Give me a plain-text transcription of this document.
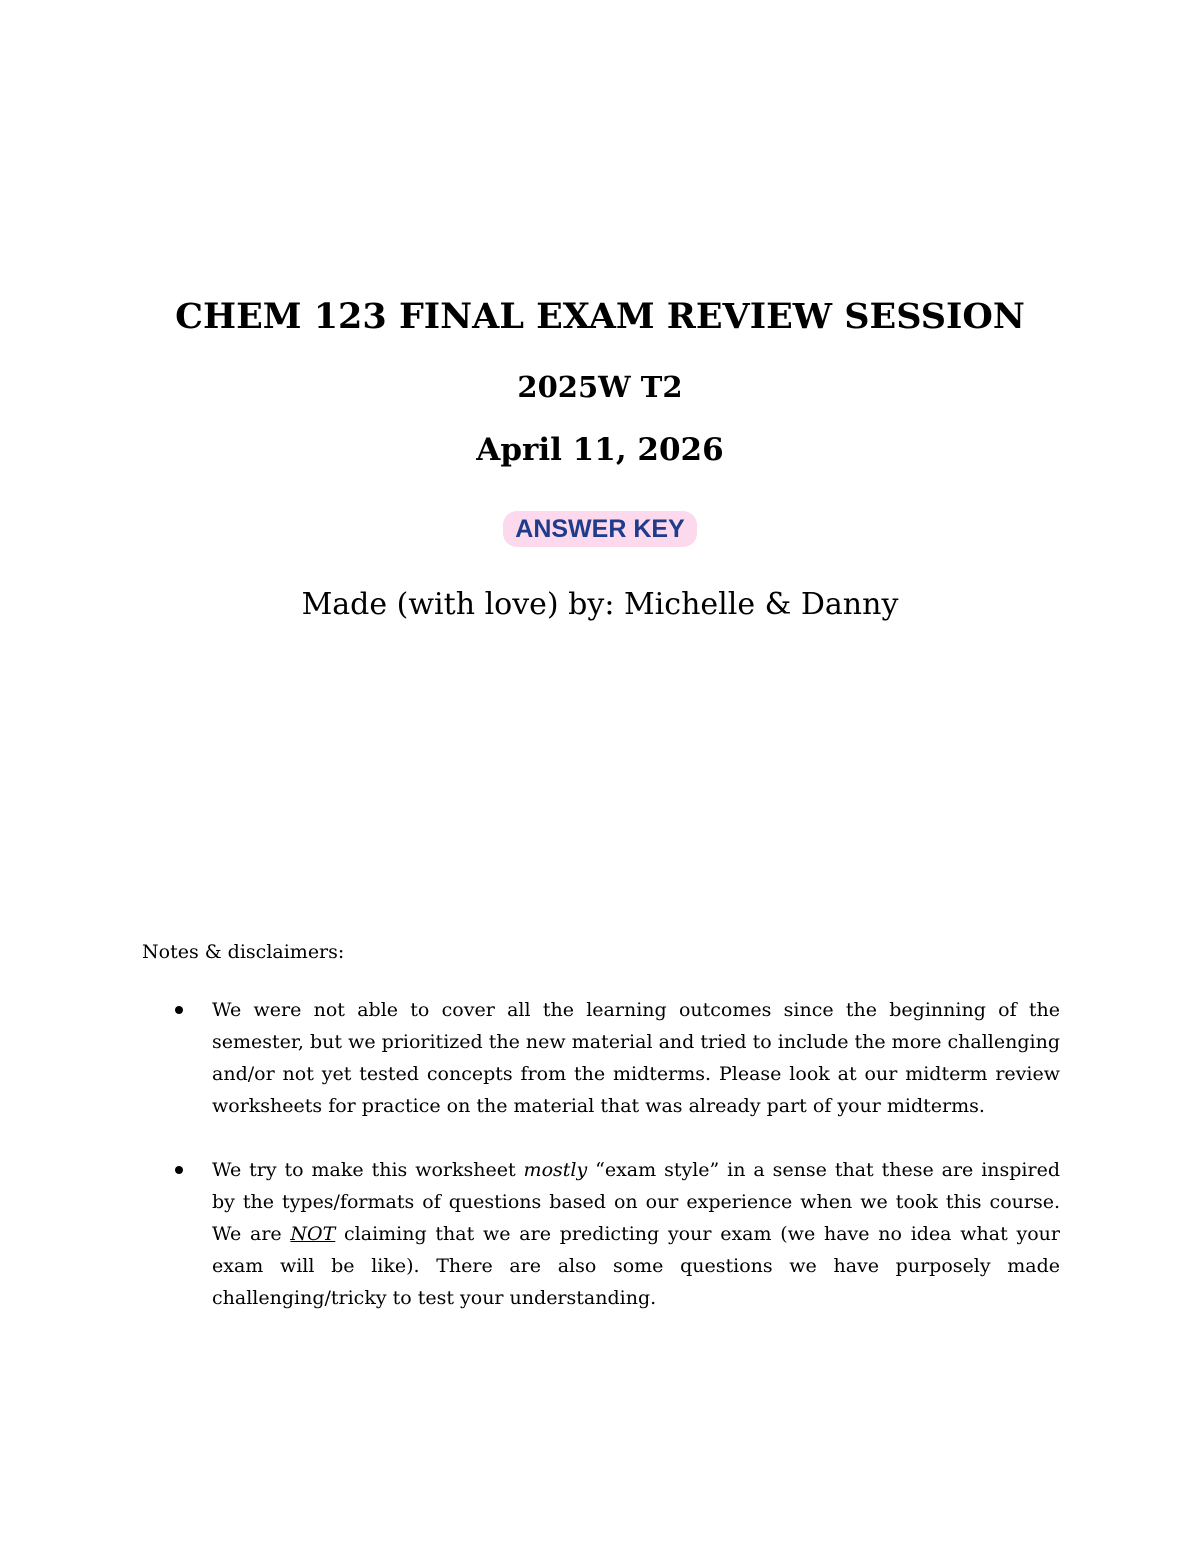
CHEM 123 FINAL EXAM REVIEW SESSION
2025W T2
April 11, 2026
ANSWER KEY
Made (with love) by: Michelle & Danny
Notes & disclaimers:
We were not able to cover all the learning outcomes since the beginning of the semester, but we prioritized the new material and tried to include the more challenging and/or not yet tested concepts from the midterms. Please look at our midterm review worksheets for practice on the material that was already part of your midterms.
We try to make this worksheet mostly “exam style” in a sense that these are inspired by the types/formats of questions based on our experience when we took this course. We are NOT claiming that we are predicting your exam (we have no idea what your exam will be like). There are also some questions we have purposely made challenging/tricky to test your understanding.
